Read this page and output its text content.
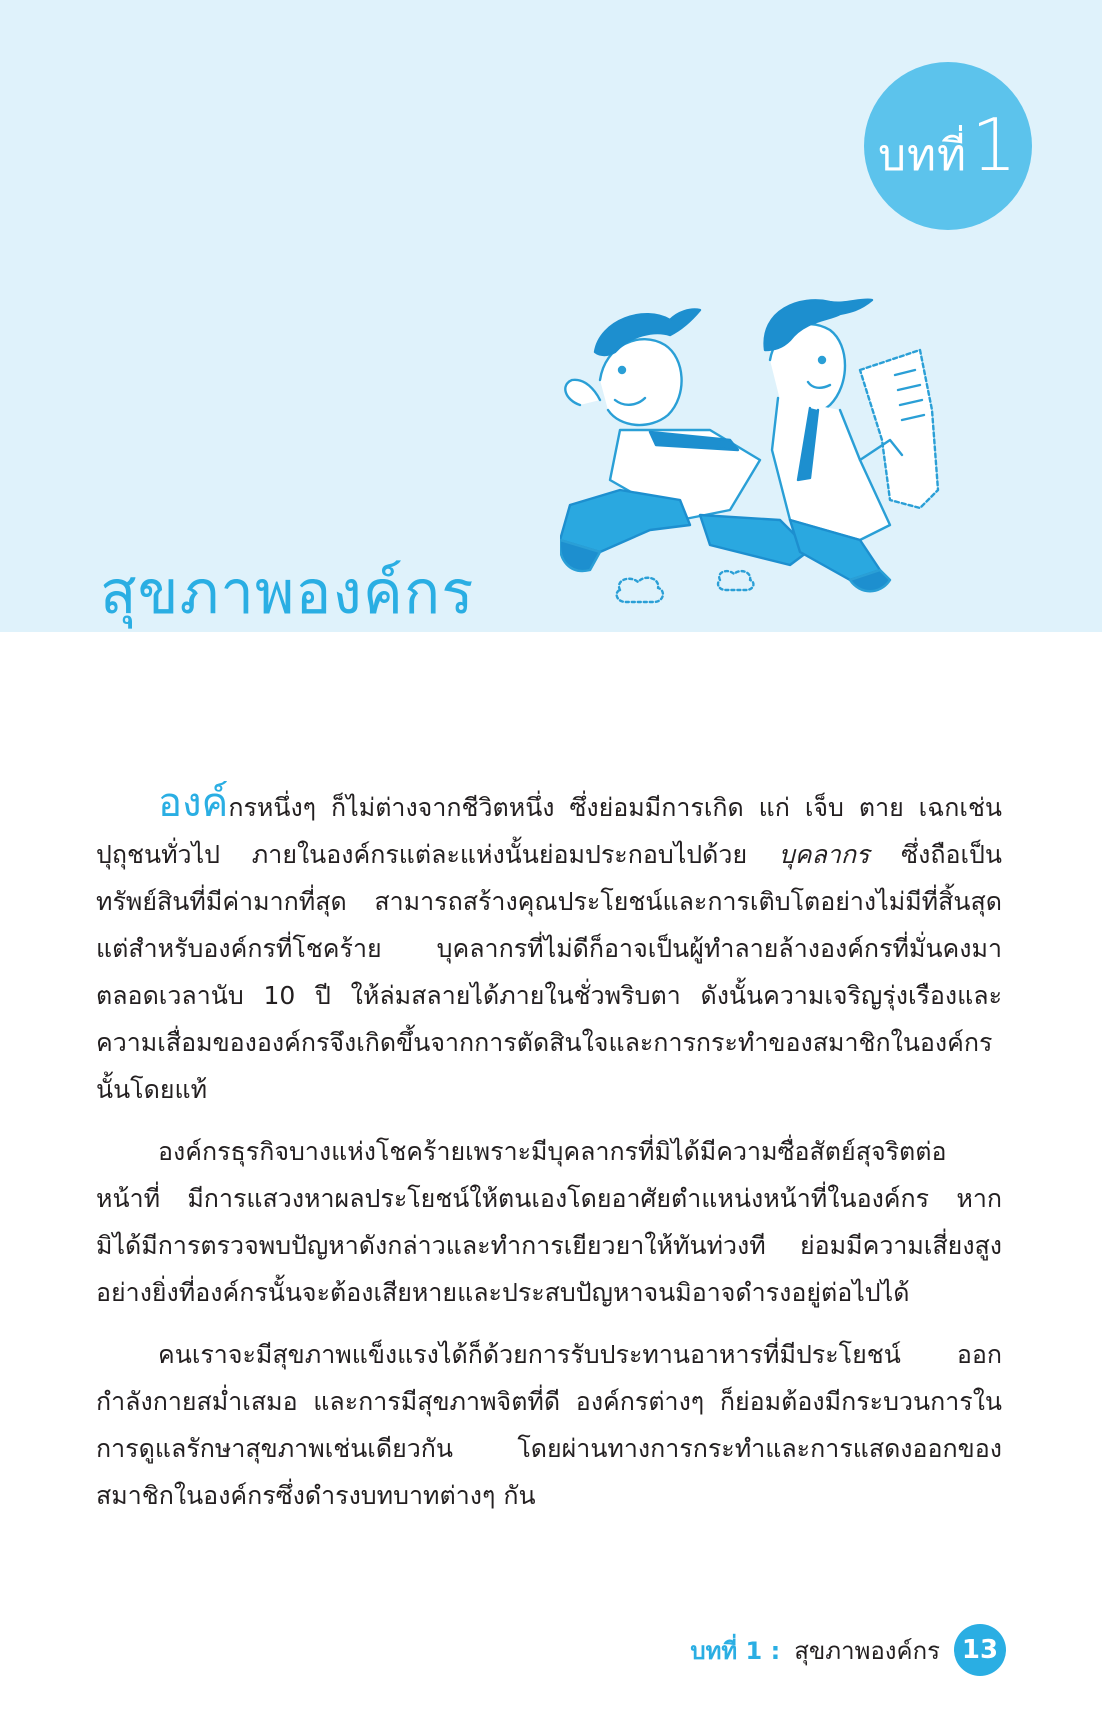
บทที่1
สุขภาพองค์กร

องค์กรหนึ่งๆ ก็ไม่ต่างจากชีวิตหนึ่ง ซึ่งย่อมมีการเกิด แก่ เจ็บ ตาย เฉกเช่นปุถุชนทั่วไป ภายในองค์กรแต่ละแห่งนั้นย่อมประกอบไปด้วย บุคลากร ซึ่งถือเป็นทรัพย์สินที่มีค่ามากที่สุด สามารถสร้างคุณประโยชน์และการเติบโตอย่างไม่มีที่สิ้นสุด แต่สำหรับองค์กรที่โชคร้าย บุคลากรที่ไม่ดีก็อาจเป็นผู้ทำลายล้างองค์กรที่มั่นคงมาตลอดเวลานับ 10 ปี ให้ล่มสลายได้ภายในชั่วพริบตา ดังนั้นความเจริญรุ่งเรืองและความเสื่อมขององค์กรจึงเกิดขึ้นจากการตัดสินใจและการกระทำของสมาชิกในองค์กรนั้นโดยแท้

องค์กรธุรกิจบางแห่งโชคร้ายเพราะมีบุคลากรที่มิได้มีความซื่อสัตย์สุจริตต่อหน้าที่ มีการแสวงหาผลประโยชน์ให้ตนเองโดยอาศัยตำแหน่งหน้าที่ในองค์กร หากมิได้มีการตรวจพบปัญหาดังกล่าวและทำการเยียวยาให้ทันท่วงที ย่อมมีความเสี่ยงสูงอย่างยิ่งที่องค์กรนั้นจะต้องเสียหายและประสบปัญหาจนมิอาจดำรงอยู่ต่อไปได้

คนเราจะมีสุขภาพแข็งแรงได้ก็ด้วยการรับประทานอาหารที่มีประโยชน์ ออกกำลังกายสม่ำเสมอ และการมีสุขภาพจิตที่ดี องค์กรต่างๆ ก็ย่อมต้องมีกระบวนการในการดูแลรักษาสุขภาพเช่นเดียวกัน โดยผ่านทางการกระทำและการแสดงออกของสมาชิกในองค์กรซึ่งดำรงบทบาทต่างๆ กัน

บทที่ 1 : สุขภาพองค์กร 13
